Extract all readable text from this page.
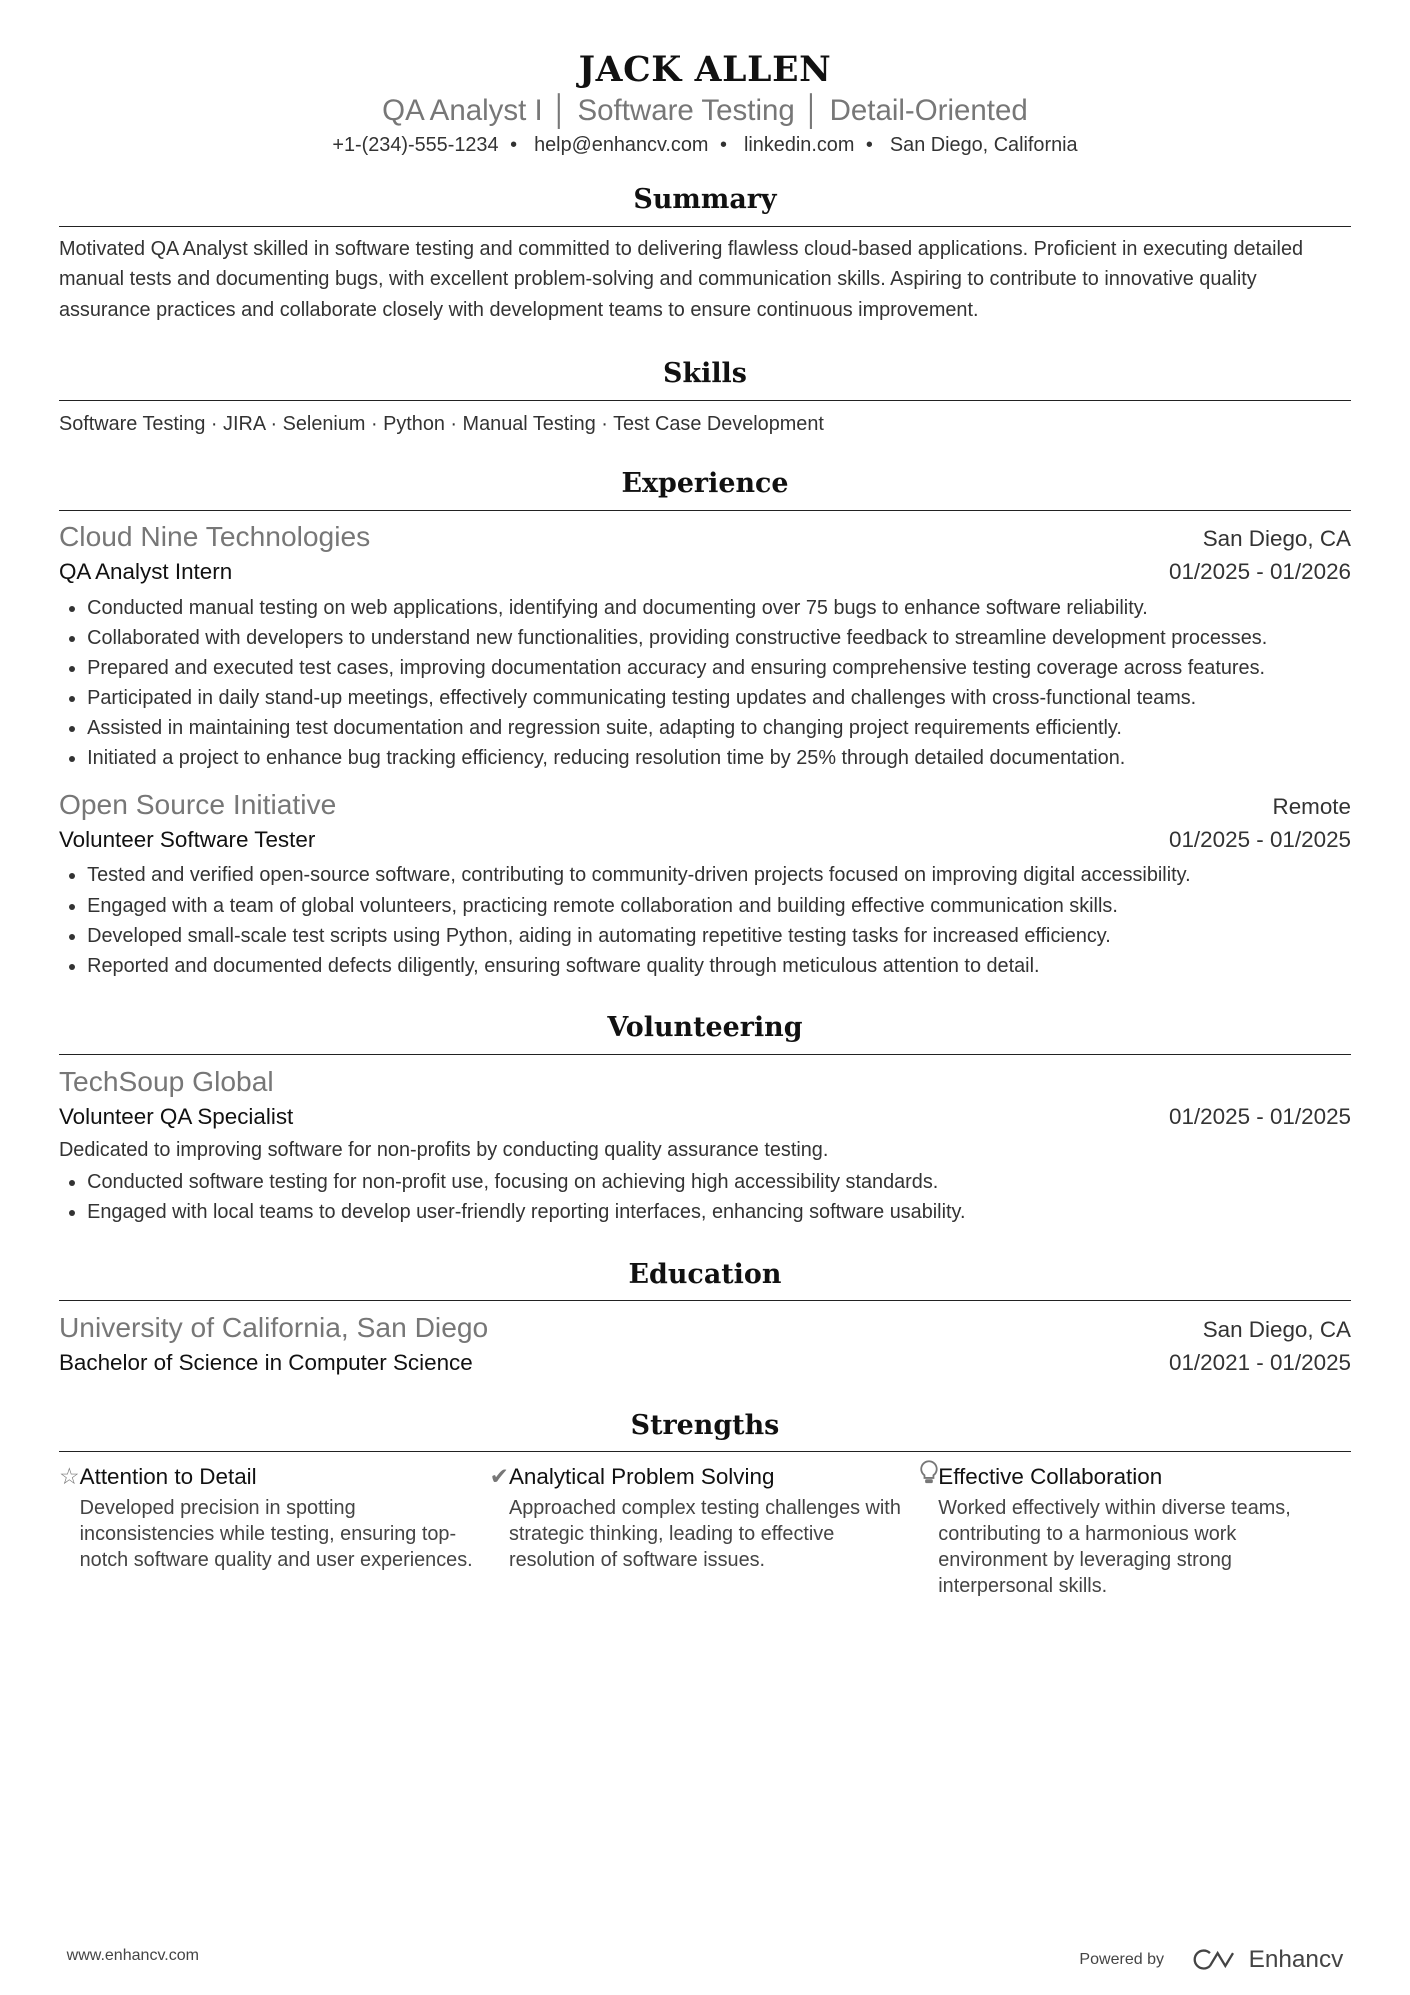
JACK ALLEN
QA Analyst I │ Software Testing │ Detail-Oriented
+1-(234)-555-1234 • help@enhancv.com • linkedin.com • San Diego, California
Summary
Motivated QA Analyst skilled in software testing and committed to delivering flawless cloud-based applications. Proficient in executing detailed manual tests and documenting bugs, with excellent problem-solving and communication skills. Aspiring to contribute to innovative quality assurance practices and collaborate closely with development teams to ensure continuous improvement.
Skills
Software Testing · JIRA · Selenium · Python · Manual Testing · Test Case Development
Experience
Cloud Nine Technologies	San Diego, CA
QA Analyst Intern	01/2025 - 01/2026
• Conducted manual testing on web applications, identifying and documenting over 75 bugs to enhance software reliability.
• Collaborated with developers to understand new functionalities, providing constructive feedback to streamline development processes.
• Prepared and executed test cases, improving documentation accuracy and ensuring comprehensive testing coverage across features.
• Participated in daily stand-up meetings, effectively communicating testing updates and challenges with cross-functional teams.
• Assisted in maintaining test documentation and regression suite, adapting to changing project requirements efficiently.
• Initiated a project to enhance bug tracking efficiency, reducing resolution time by 25% through detailed documentation.
Open Source Initiative	Remote
Volunteer Software Tester	01/2025 - 01/2025
• Tested and verified open-source software, contributing to community-driven projects focused on improving digital accessibility.
• Engaged with a team of global volunteers, practicing remote collaboration and building effective communication skills.
• Developed small-scale test scripts using Python, aiding in automating repetitive testing tasks for increased efficiency.
• Reported and documented defects diligently, ensuring software quality through meticulous attention to detail.
Volunteering
TechSoup Global
Volunteer QA Specialist	01/2025 - 01/2025
Dedicated to improving software for non-profits by conducting quality assurance testing.
• Conducted software testing for non-profit use, focusing on achieving high accessibility standards.
• Engaged with local teams to develop user-friendly reporting interfaces, enhancing software usability.
Education
University of California, San Diego	San Diego, CA
Bachelor of Science in Computer Science	01/2021 - 01/2025
Strengths
☆ Attention to Detail
Developed precision in spotting inconsistencies while testing, ensuring top-notch software quality and user experiences.
✔ Analytical Problem Solving
Approached complex testing challenges with strategic thinking, leading to effective resolution of software issues.
Effective Collaboration
Worked effectively within diverse teams, contributing to a harmonious work environment by leveraging strong interpersonal skills.
www.enhancv.com	Powered by	Enhancv
